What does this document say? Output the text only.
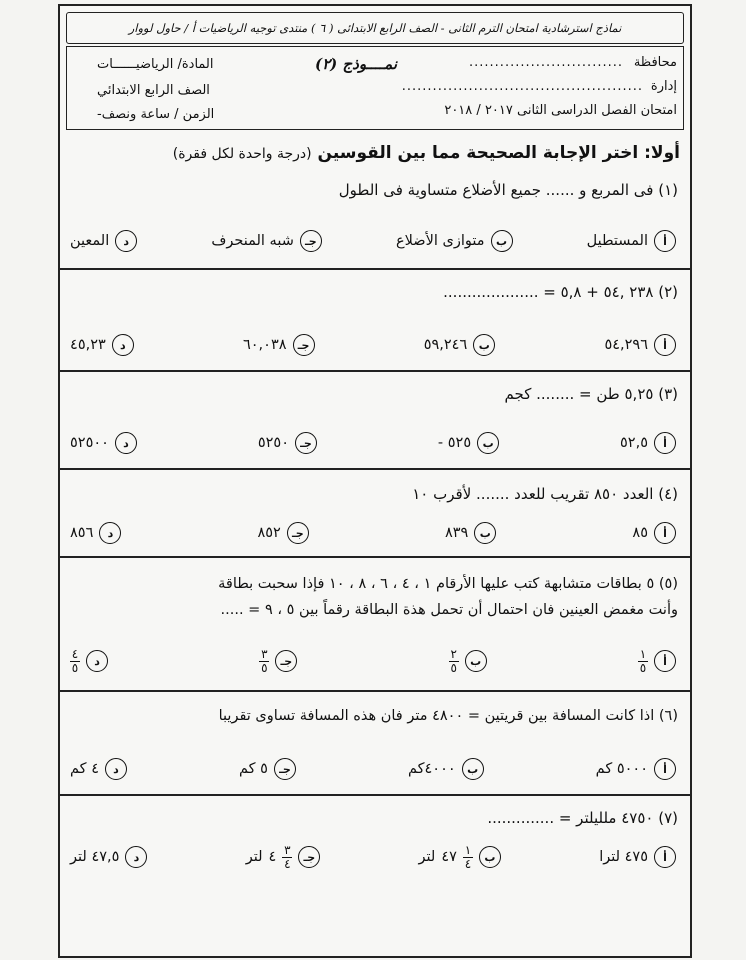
نماذج استرشادية امتحان الترم الثانى - الصف الرابع الابتدائى ( ٦ ) منتدى توجيه الرياضيات أ / حاول لووار
محافظة
..............................
نمــــوذج (٢)
المادة/ الرياضيــــــات
إدارة
...............................................
الصف الرابع الابتدائي
امتحان الفصل الدراسى الثانى ٢٠١٧ / ٢٠١٨
الزمن / ساعة ونصف-
أولا: اختر الإجابة الصحيحة مما بين القوسين (درجة واحدة لكل فقرة)
(١) فى المربع و ...... جميع الأضلاع متساوية فى الطول
أ
المستطيل
ب
متوازى الأضلاع
جـ
شبه المنحرف
د
المعين
(٢) ٢٣٨ ,٥٤ + ٥,٨ = ....................
أ
٥٤,٢٩٦
ب
٥٩,٢٤٦
جـ
٦٠,٠٣٨
د
٤٥,٢٣
(٣) ٥,٢٥ طن = ........ كجم
أ
٥٢,٥
ب
٥٢٥ -
جـ
٥٢٥٠
د
٥٢٥٠٠
(٤) العدد ٨٥٠ تقريب للعدد ....... لأقرب ١٠
أ
٨٥
ب
٨٣٩
جـ
٨٥٢
د
٨٥٦
(٥) ٥ بطاقات متشابهة كتب عليها الأرقام ١ ، ٤ ، ٦ ، ٨ ، ١٠ فإذا سحبت بطاقة
وأنت مغمض العينين فان احتمال أن تحمل هذة البطاقة رقماً بين ٥ ، ٩ = .....
أ
$\frac{١}{٥}$
ب
$\frac{٢}{٥}$
جـ
$\frac{٣}{٥}$
د
$\frac{٤}{٥}$
(٦) اذا كانت المسافة بين قريتين = ٤٨٠٠ متر فان هذه المسافة تساوى تقريبا
أ
٥٠٠٠ كم
ب
٤٠٠٠كم
جـ
٥ كم
د
٤ كم
(٧) ٤٧٥٠ ملليلتر = ..............
أ
٤٧٥ لترا
ب
$\frac{١}{٤}$
٤٧
لتر
جـ
$\frac{٣}{٤}$
٤
لتر
د
٤٧,٥ لتر
